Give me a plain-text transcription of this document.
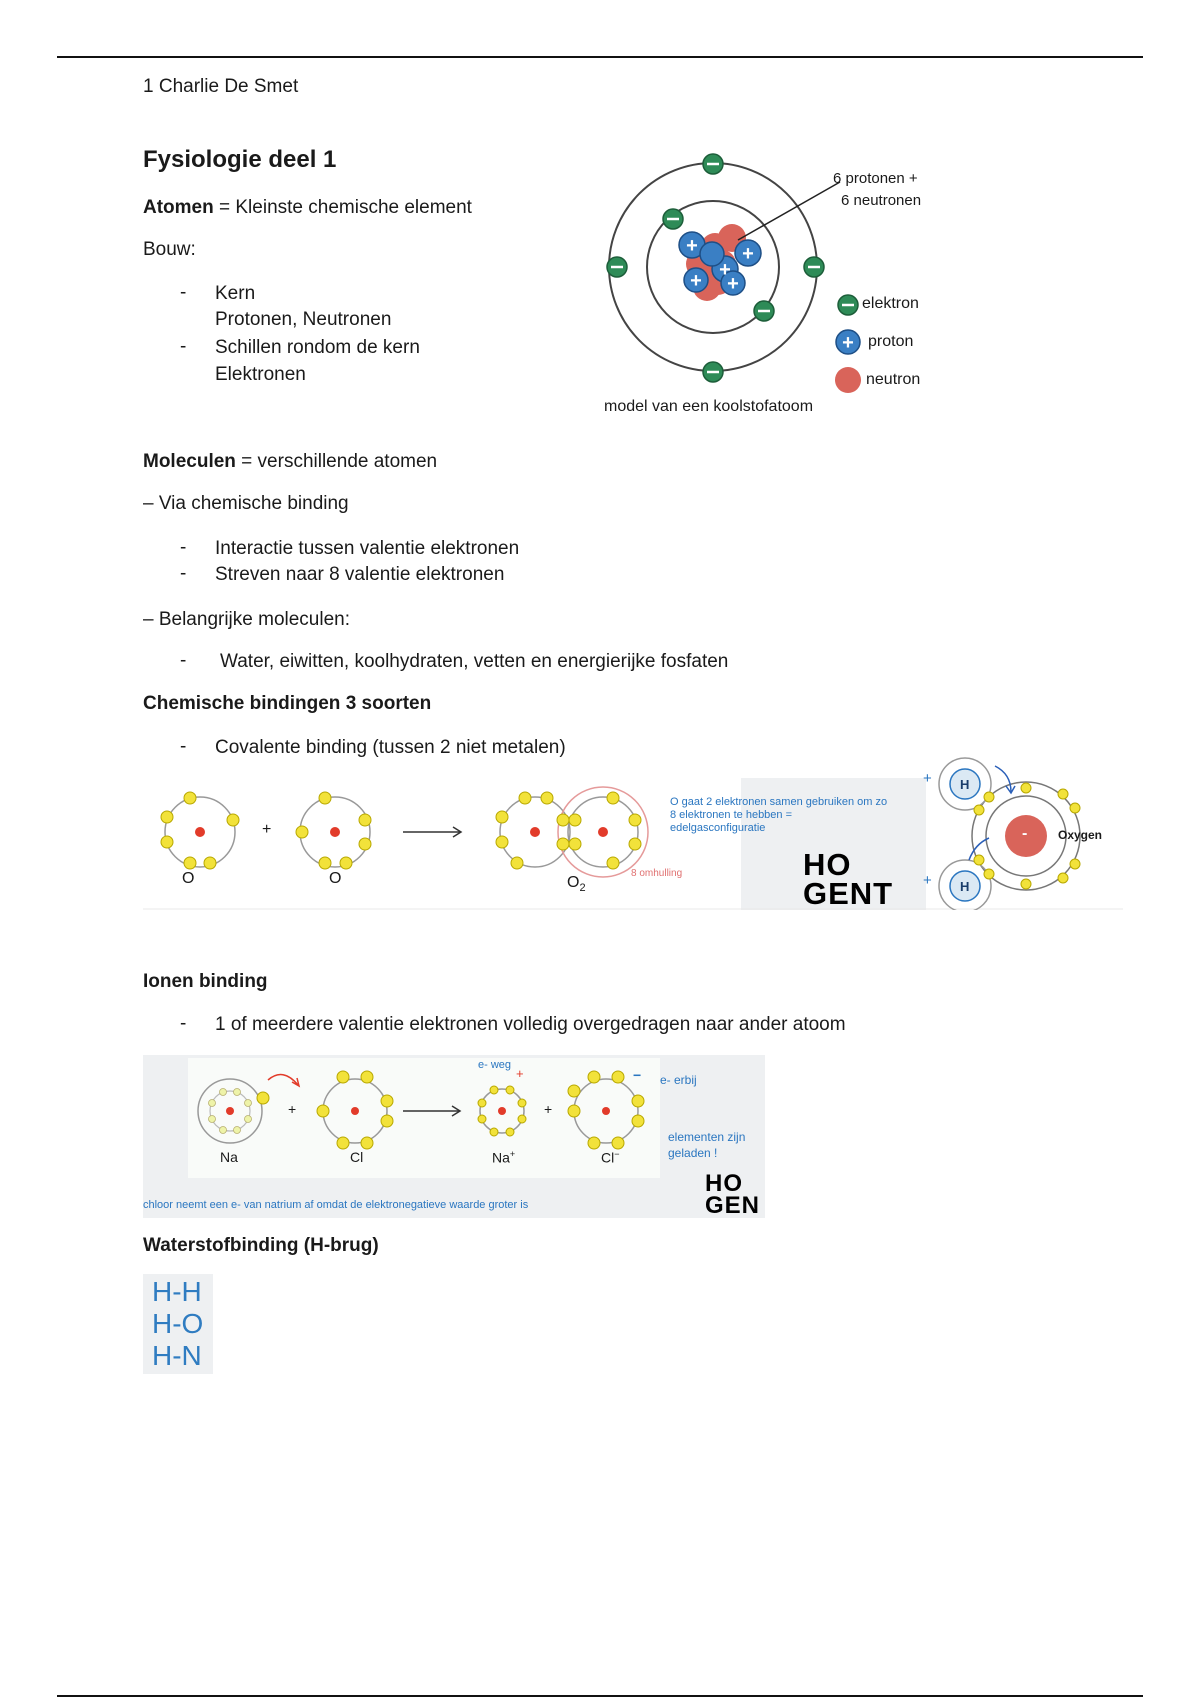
1 Charlie De Smet
Fysiologie deel 1
Atomen = Kleinste chemische element
Bouw:
- Kern
Protonen, Neutronen
- Schillen rondom de kern
Elektronen
+ +
+
+ +
+
6 protonen +
6 neutronen
elektron
proton
neutron
model van een koolstofatoom
Moleculen = verschillende atomen
– Via chemische binding
- Interactie tussen valentie elektronen
- Streven naar 8 valentie elektronen
– Belangrijke moleculen:
- Water, eiwitten, koolhydraten, vetten en energierijke fosfaten
Chemische bindingen 3 soorten
- Covalente binding (tussen 2 niet metalen)
O	O
+
$O_2$
8 omhulling
O gaat 2 elektronen samen gebruiken om zo
8 elektronen te hebben =
edelgasconfiguratie
HO
GENT
+
+
H
H
-	Oxygen
Ionen binding
- 1 of meerdere valentie elektronen volledig overgedragen naar ander atoom
Na	Cl
+	+
Na+	Cl−
e- weg
+	− e- erbij
elementen zijn
geladen !
chloor neemt een e- van natrium af omdat de elektronegatieve waarde groter is
HO
GEN
Waterstofbinding (H-brug)
H-H
H-O
H-N
